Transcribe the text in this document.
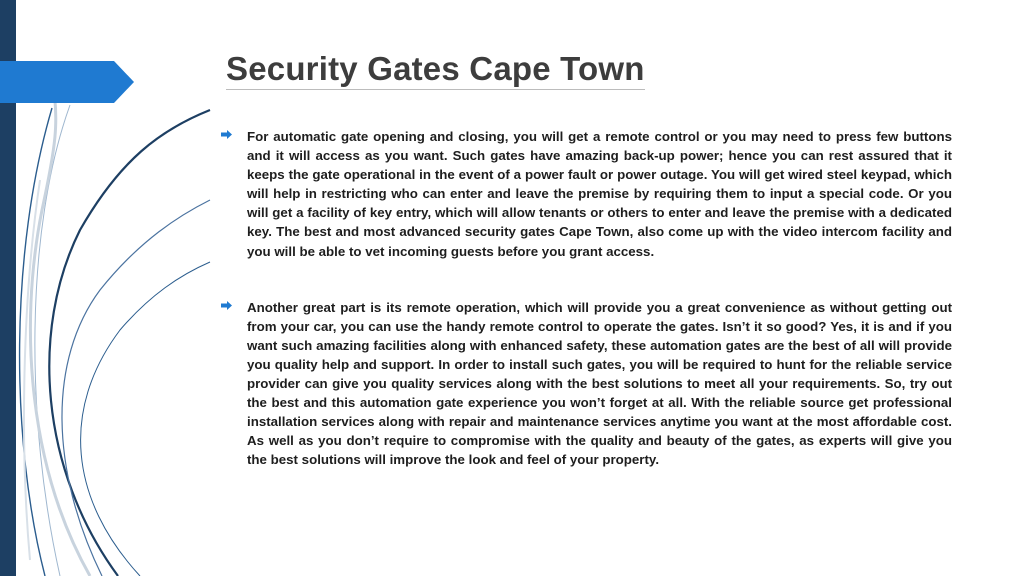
Security Gates Cape Town

For automatic gate opening and closing, you will get a remote control or you may need to press few buttons and it will access as you want. Such gates have amazing back-up power; hence you can rest assured that it keeps the gate operational in the event of a power fault or power outage. You will get wired steel keypad, which will help in restricting who can enter and leave the premise by requiring them to input a special code. Or you will get a facility of key entry, which will allow tenants or others to enter and leave the premise with a dedicated key. The best and most advanced security gates Cape Town, also come up with the video intercom facility and you will be able to vet incoming guests before you grant access.

Another great part is its remote operation, which will provide you a great convenience as without getting out from your car, you can use the handy remote control to operate the gates. Isn’t it so good? Yes, it is and if you want such amazing facilities along with enhanced safety, these automation gates are the best of all will provide you quality help and support. In order to install such gates, you will be required to hunt for the reliable service provider can give you quality services along with the best solutions to meet all your requirements. So, try out the best and this automation gate experience you won’t forget at all. With the reliable source get professional installation services along with repair and maintenance services anytime you want at the most affordable cost. As well as you don’t require to compromise with the quality and beauty of the gates, as experts will give you the best solutions will improve the look and feel of your property.
